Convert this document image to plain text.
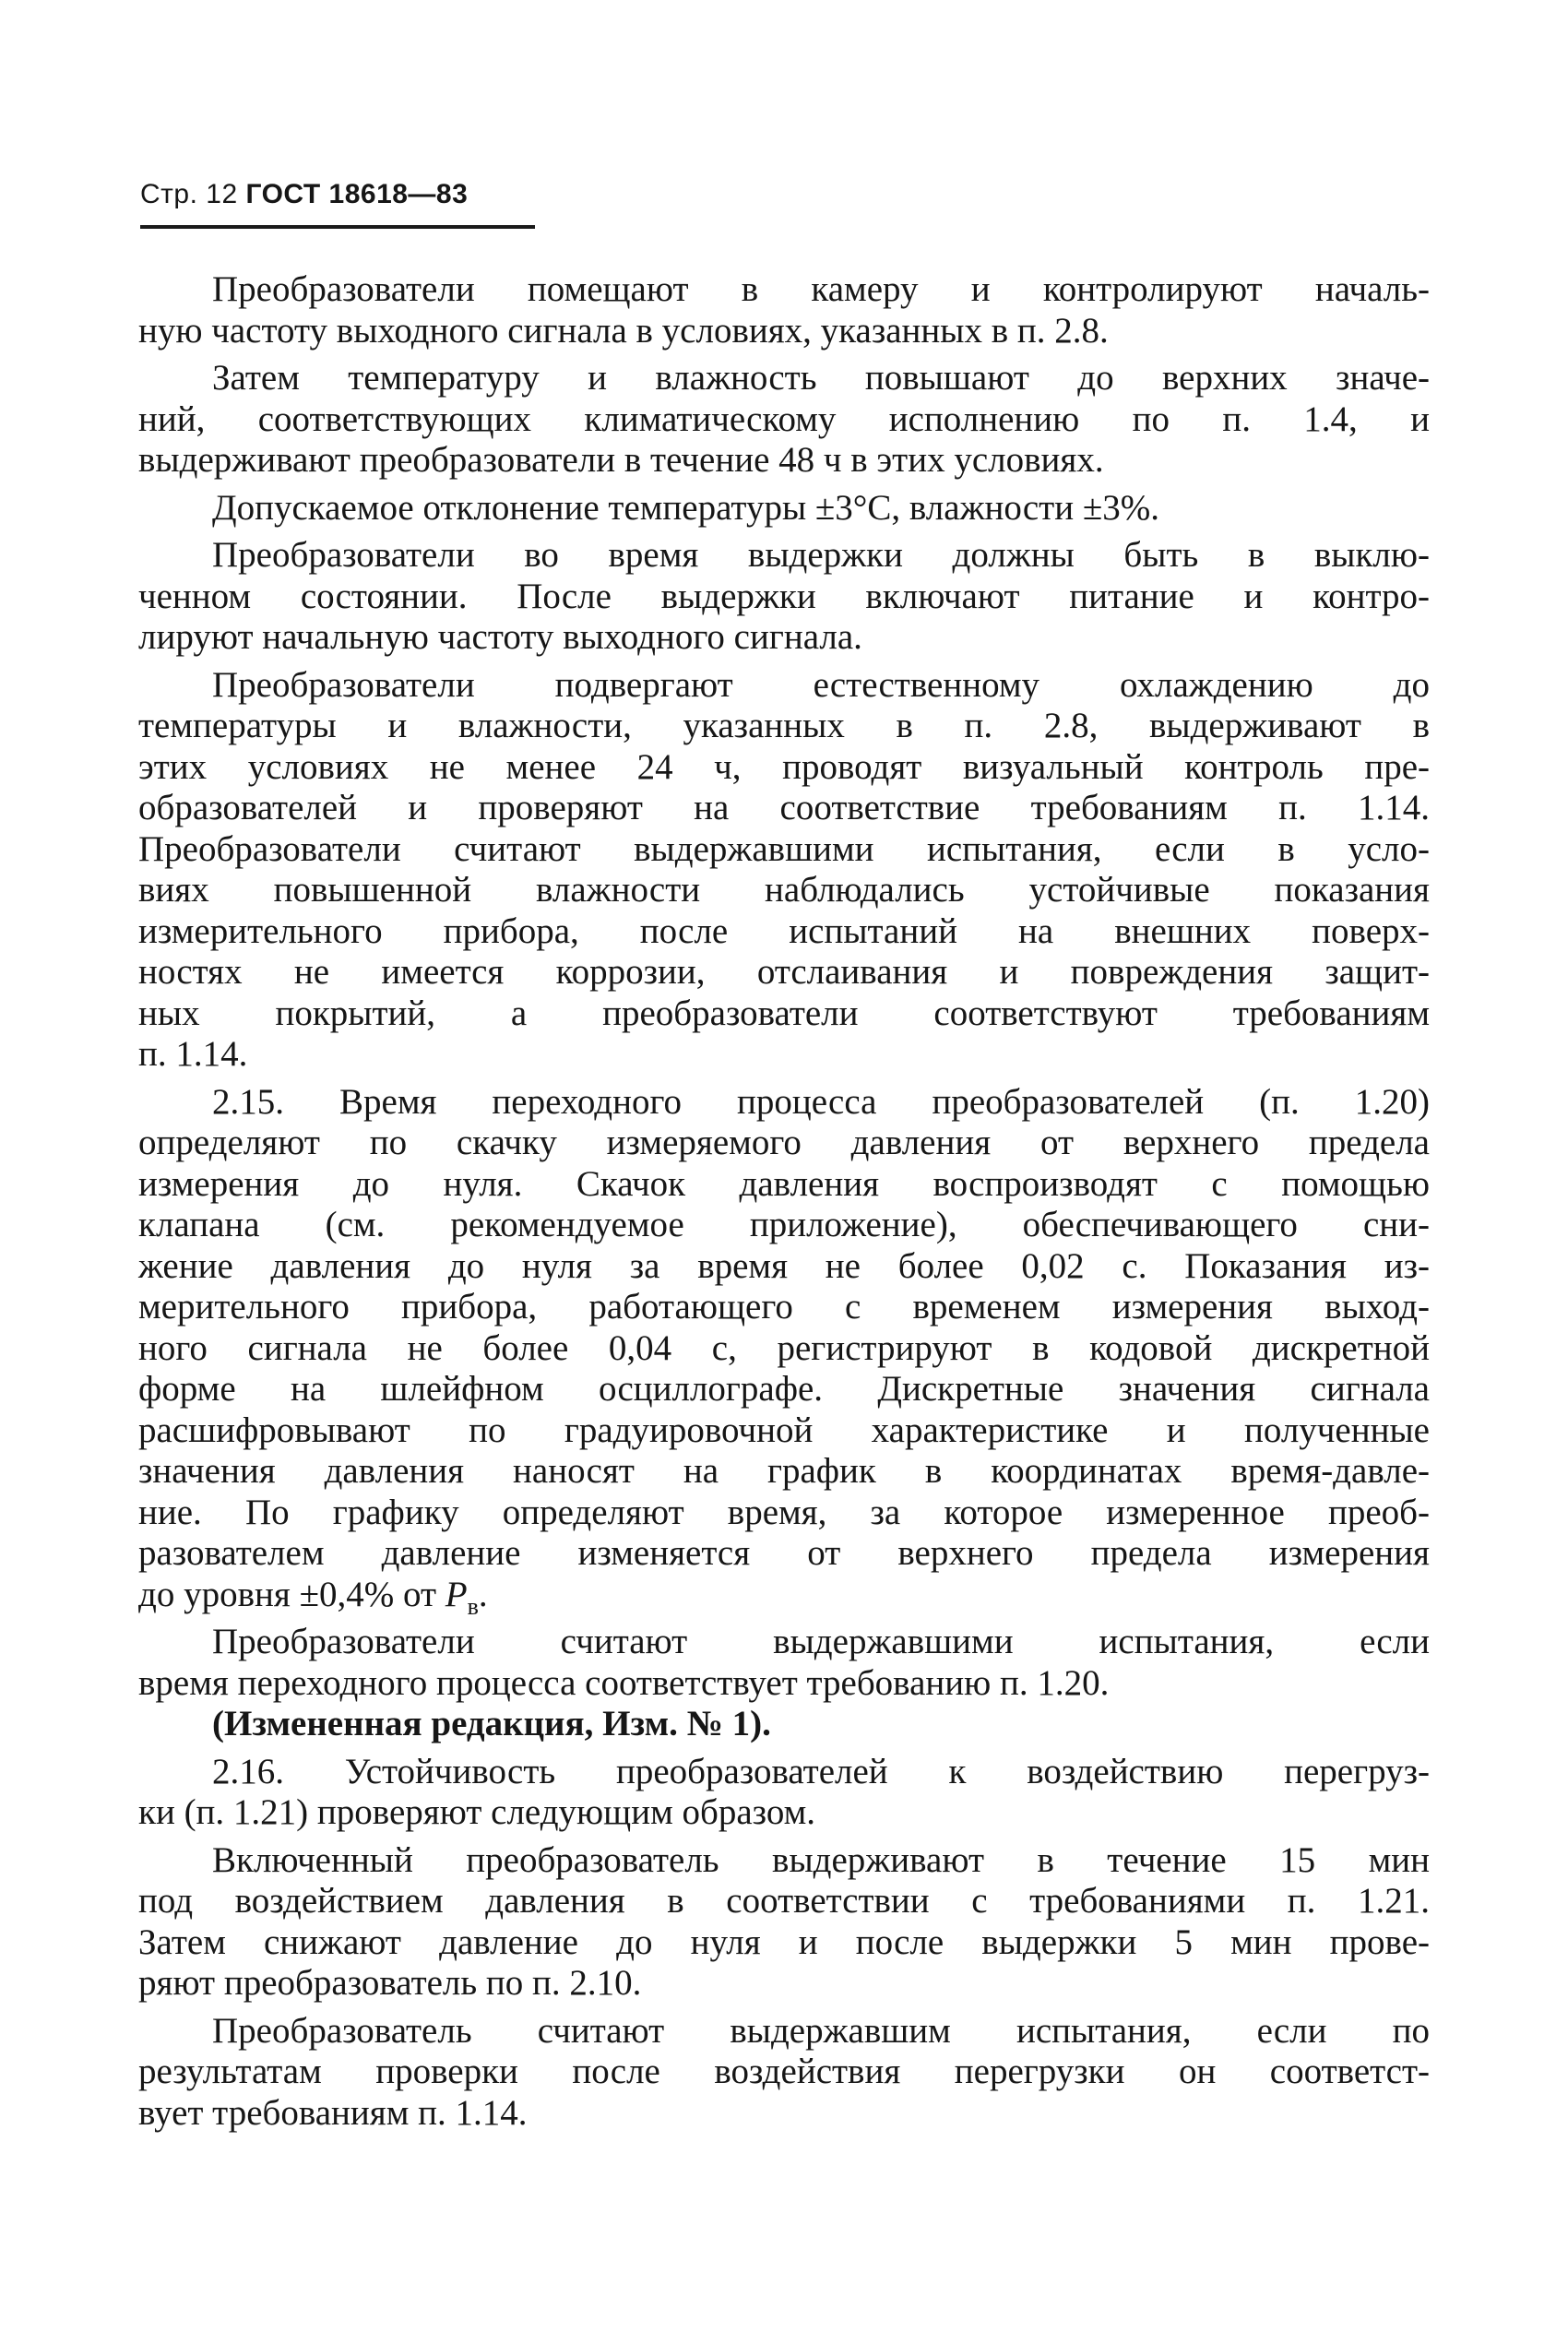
Стр. 12 ГОСТ 18618—83
Преобразователи помещают в камеру и контролируют началь-
ную частоту выходного сигнала в условиях, указанных в п. 2.8.
Затем температуру и влажность повышают до верхних значе-
ний, соответствующих климатическому исполнению по п. 1.4, и
выдерживают преобразователи в течение 48 ч в этих условиях.
Допускаемое отклонение температуры ±3°С, влажности ±3%.
Преобразователи во время выдержки должны быть в выклю-
ченном состоянии. После выдержки включают питание и контро-
лируют начальную частоту выходного сигнала.
Преобразователи подвергают естественному охлаждению до
температуры и влажности, указанных в п. 2.8, выдерживают в
этих условиях не менее 24 ч, проводят визуальный контроль пре-
образователей и проверяют на соответствие требованиям п. 1.14.
Преобразователи считают выдержавшими испытания, если в усло-
виях повышенной влажности наблюдались устойчивые показания
измерительного прибора, после испытаний на внешних поверх-
ностях не имеется коррозии, отслаивания и повреждения защит-
ных покрытий, а преобразователи соответствуют требованиям
п. 1.14.
2.15. Время переходного процесса преобразователей (п. 1.20)
определяют по скачку измеряемого давления от верхнего предела
измерения до нуля. Скачок давления воспроизводят с помощью
клапана (см. рекомендуемое приложение), обеспечивающего сни-
жение давления до нуля за время не более 0,02 с. Показания из-
мерительного прибора, работающего с временем измерения выход-
ного сигнала не более 0,04 с, регистрируют в кодовой дискретной
форме на шлейфном осциллографе. Дискретные значения сигнала
расшифровывают по градуировочной характеристике и полученные
значения давления наносят на график в координатах время-давле-
ние. По графику определяют время, за которое измеренное преоб-
разователем давление изменяется от верхнего предела измерения
до уровня ±0,4% от $P_в$.
Преобразователи считают выдержавшими испытания, если
время переходного процесса соответствует требованию п. 1.20.
(Измененная редакция, Изм. № 1).
2.16. Устойчивость преобразователей к воздействию перегруз-
ки (п. 1.21) проверяют следующим образом.
Включенный преобразователь выдерживают в течение 15 мин
под воздействием давления в соответствии с требованиями п. 1.21.
Затем снижают давление до нуля и после выдержки 5 мин прове-
ряют преобразователь по п. 2.10.
Преобразователь считают выдержавшим испытания, если по
результатам проверки после воздействия перегрузки он соответст-
вует требованиям п. 1.14.
